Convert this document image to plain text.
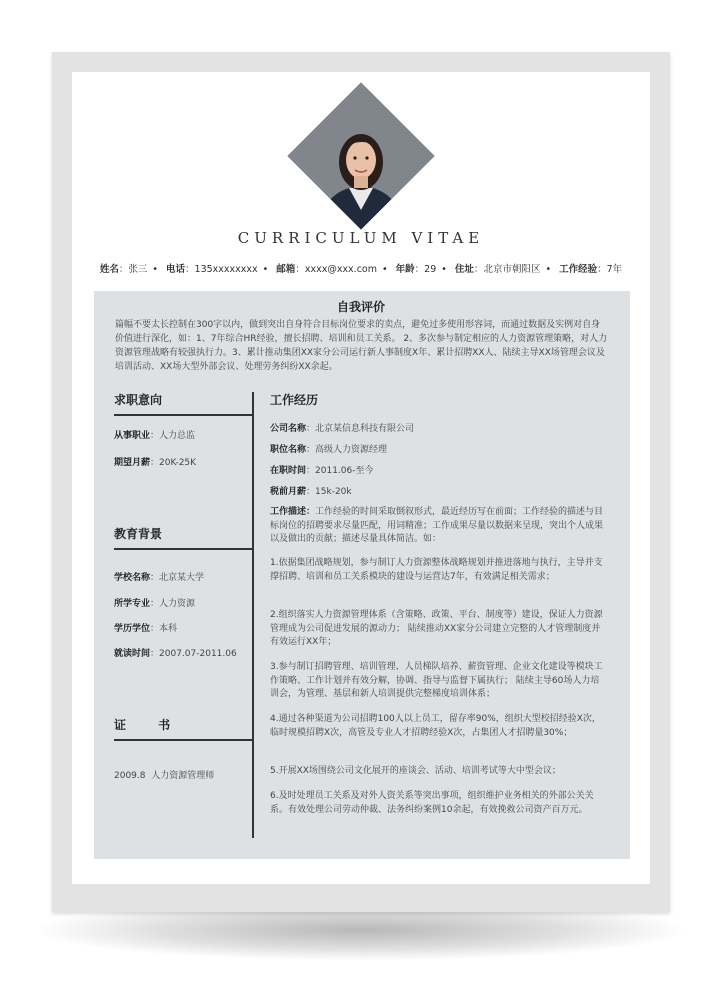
CURRICULUM VITAE
姓名：张三 • 电话：135xxxxxxxx • 邮箱：xxxx@xxx.com • 年龄：29 • 住址：北京市朝阳区 • 工作经验：7年
自我评价
篇幅不要太长控制在300字以内，做到突出自身符合目标岗位要求的卖点，避免过多使用形容词，而通过数据及实例对自身价值进行深化，如：1、7年综合HR经验，擅长招聘、培训和员工关系。 2、多次参与制定相应的人力资源管理策略，对人力资源管理战略有较强执行力。3、累计推动集团XX家分公司运行新人事制度X年、累计招聘XX人、陆续主导XX场管理会议及培训活动、XX场大型外部会议、处理劳务纠纷XX余起。
求职意向
从事职业：人力总监
期望月薪：20K-25K
教育背景
学校名称：北京某大学
所学专业：人力资源
学历学位：本科
就读时间：2007.07-2011.06
证 书
2009.8  人力资源管理师
工作经历
公司名称：北京某信息科技有限公司
职位名称：高级人力资源经理
在职时间：2011.06-至今
税前月薪：15k-20k
工作描述：工作经验的时间采取倒叙形式，最近经历写在前面；工作经验的描述与目标岗位的招聘要求尽量匹配，用词精准；工作成果尽量以数据来呈现，突出个人成果以及做出的贡献；描述尽量具体简洁。如：
1.依据集团战略规划，参与制订人力资源整体战略规划并推进落地与执行，主导并支撑招聘、培训和员工关系模块的建设与运营达7年，有效满足相关需求；
2.组织落实人力资源管理体系（含策略、政策、平台、制度等）建设，保证人力资源管理成为公司促进发展的源动力； 陆续推动XX家分公司建立完整的人才管理制度并有效运行XX年；
3.参与制订招聘管理、培训管理、人员梯队培养、薪资管理、企业文化建设等模块工作策略、工作计划并有效分解，协调、指导与监督下属执行； 陆续主导60场人力培训会，为管理、基层和新人培训提供完整梯度培训体系；
4.通过各种渠道为公司招聘100人以上员工，留存率90%，组织大型校招经验X次，临时规模招聘X次，高管及专业人才招聘经验X次，占集团人才招聘量30%；
5.开展XX场围绕公司文化展开的座谈会、活动、培训考试等大中型会议；
6.及时处理员工关系及对外人资关系等突出事项，组织维护业务相关的外部公关关系。有效处理公司劳动仲裁、法务纠纷案例10余起，有效挽救公司资产百万元。
